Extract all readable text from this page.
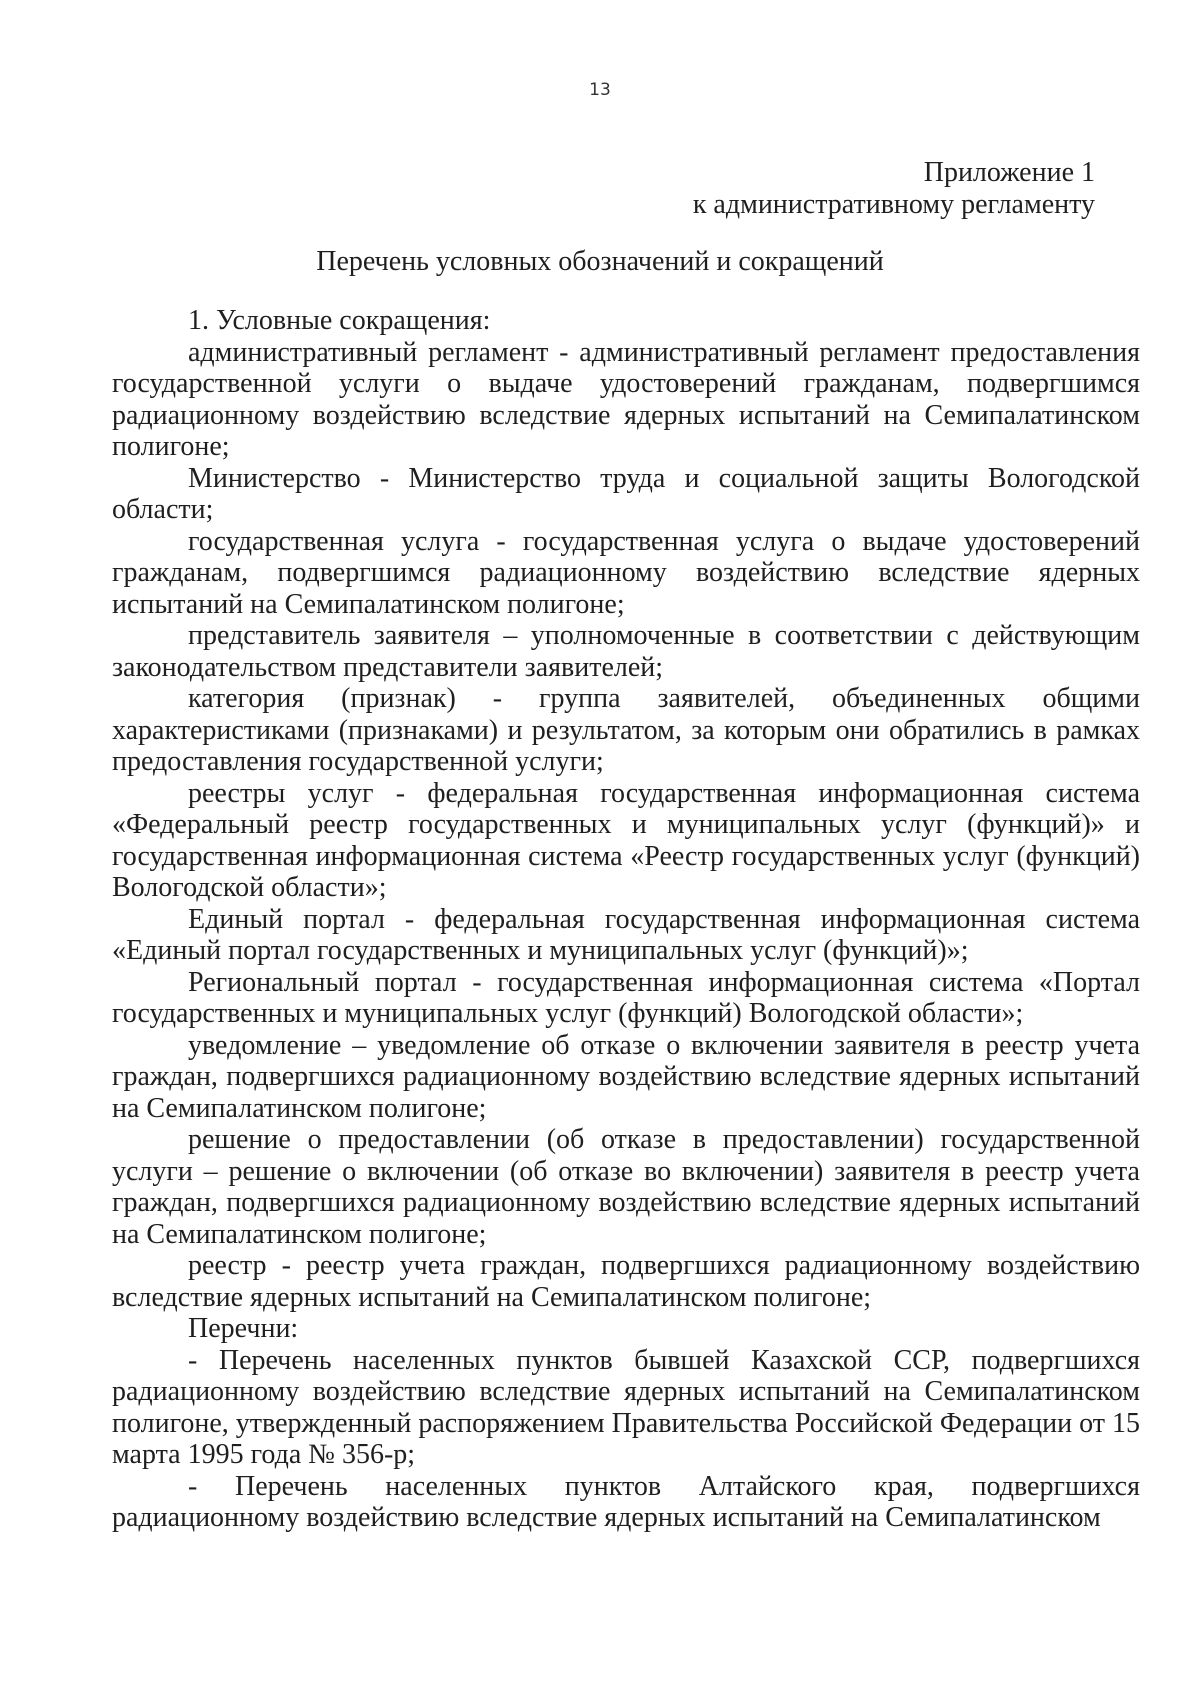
13
Приложение 1
к административному регламенту
Перечень условных обозначений и сокращений

1. Условные сокращения:

административный регламент - административный регламент предоставления государственной услуги о выдаче удостоверений гражданам, подвергшимся радиационному воздействию вследствие ядерных испытаний на Семипалатинском полигоне;

Министерство - Министерство труда и социальной защиты Вологодской области;

государственная услуга - государственная услуга о выдаче удостоверений гражданам, подвергшимся радиационному воздействию вследствие ядерных испытаний на Семипалатинском полигоне;

представитель заявителя – уполномоченные в соответствии с действующим законодательством представители заявителей;

категория (признак) - группа заявителей, объединенных общими характеристиками (признаками) и результатом, за которым они обратились в рамках предоставления государственной услуги;

реестры услуг - федеральная государственная информационная система «Федеральный реестр государственных и муниципальных услуг (функций)» и государственная информационная система «Реестр государственных услуг (функций) Вологодской области»;

Единый портал - федеральная государственная информационная система «Единый портал государственных и муниципальных услуг (функций)»;

Региональный портал - государственная информационная система «Портал государственных и муниципальных услуг (функций) Вологодской области»;

уведомление – уведомление об отказе о включении заявителя в реестр учета граждан, подвергшихся радиационному воздействию вследствие ядерных испытаний на Семипалатинском полигоне;

решение о предоставлении (об отказе в предоставлении) государственной услуги – решение о включении (об отказе во включении) заявителя в реестр учета граждан, подвергшихся радиационному воздействию вследствие ядерных испытаний на Семипалатинском полигоне;

реестр - реестр учета граждан, подвергшихся радиационному воздействию вследствие ядерных испытаний на Семипалатинском полигоне;

Перечни:

- Перечень населенных пунктов бывшей Казахской ССР, подвергшихся радиационному воздействию вследствие ядерных испытаний на Семипалатинском полигоне, утвержденный распоряжением Правительства Российской Федерации от 15 марта 1995 года № 356-р;

- Перечень населенных пунктов Алтайского края, подвергшихся радиационному воздействию вследствие ядерных испытаний на Семипалатинском
